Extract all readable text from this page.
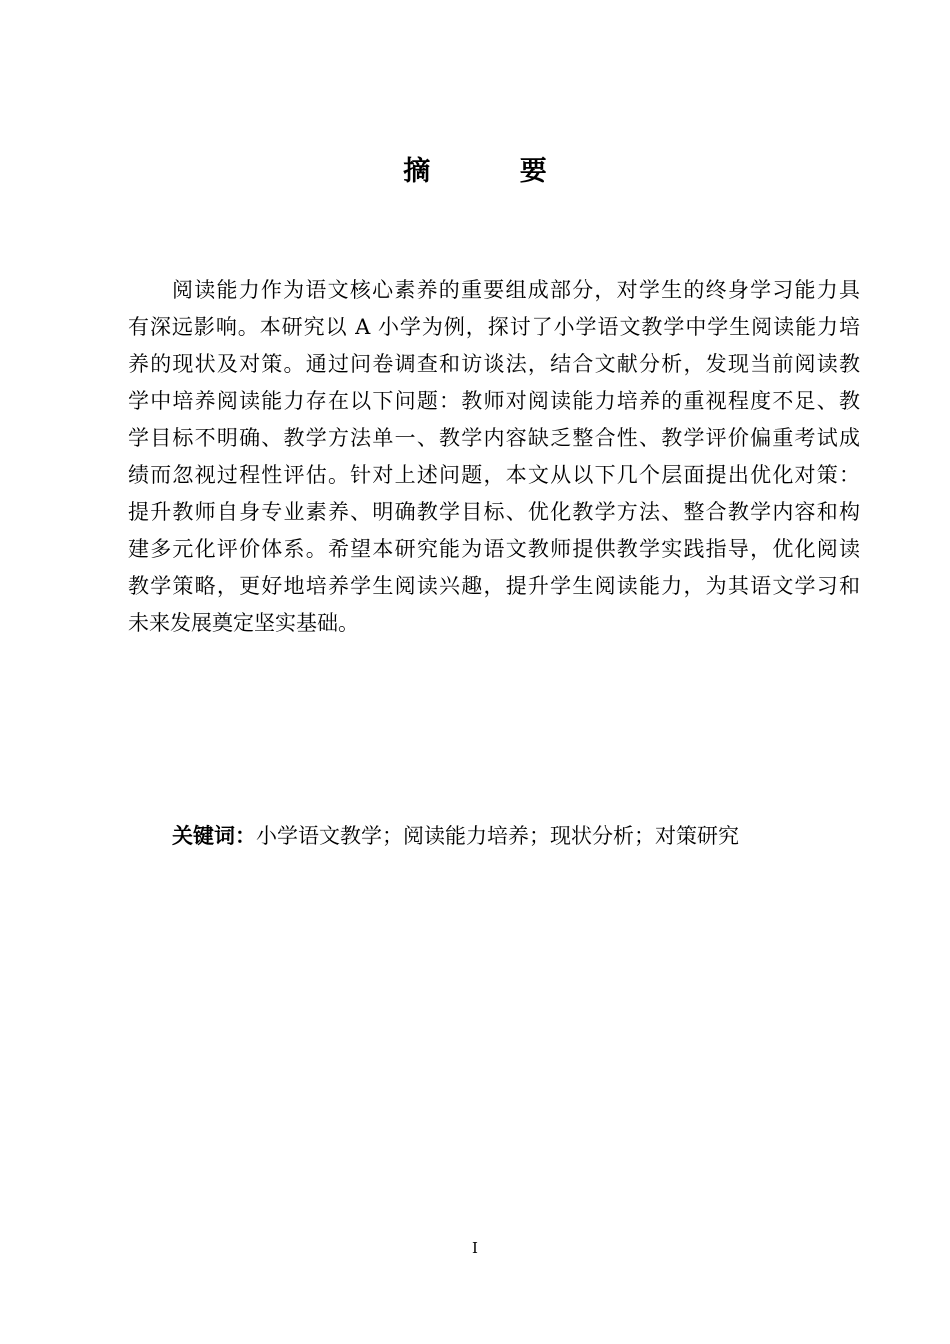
摘 要
阅读能力作为语文核心素养的重要组成部分，对学生的终身学习能力具
有深远影响。本研究以 A 小学为例，探讨了小学语文教学中学生阅读能力培
养的现状及对策。通过问卷调查和访谈法，结合文献分析，发现当前阅读教
学中培养阅读能力存在以下问题：教师对阅读能力培养的重视程度不足、教
学目标不明确、教学方法单一、教学内容缺乏整合性、教学评价偏重考试成
绩而忽视过程性评估。针对上述问题，本文从以下几个层面提出优化对策：
提升教师自身专业素养、明确教学目标、优化教学方法、整合教学内容和构
建多元化评价体系。希望本研究能为语文教师提供教学实践指导，优化阅读
教学策略，更好地培养学生阅读兴趣，提升学生阅读能力，为其语文学习和
未来发展奠定坚实基础。
关键词：小学语文教学；阅读能力培养；现状分析；对策研究
I
